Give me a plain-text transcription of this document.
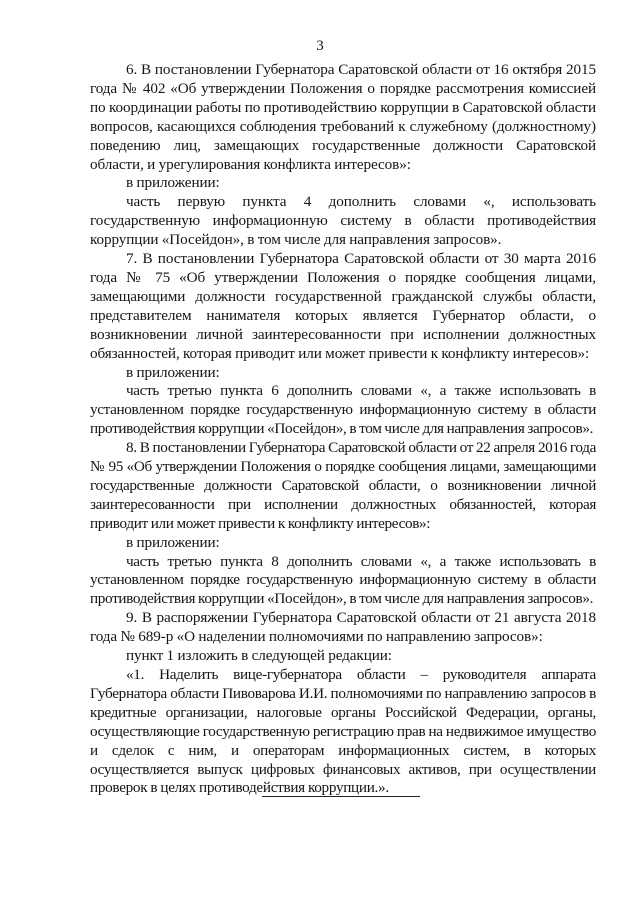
3

6. В постановлении Губернатора Саратовской области от 16 октября 2015 года № 402 «Об утверждении Положения о порядке рассмотрения комиссией по координации работы по противодействию коррупции в Саратовской области вопросов, касающихся соблюдения требований к служебному (должностному) поведению лиц, замещающих государственные должности Саратовской области, и урегулирования конфликта интересов»:

в приложении:

часть первую пункта 4 дополнить словами «, использовать государственную информационную систему в области противодействия коррупции «Посейдон», в том числе для направления запросов».

7. В постановлении Губернатора Саратовской области от 30 марта 2016 года № 75 «Об утверждении Положения о порядке сообщения лицами, замещающими должности государственной гражданской службы области, представителем нанимателя которых является Губернатор области, о возникновении личной заинтересованности при исполнении должностных обязанностей, которая приводит или может привести к конфликту интересов»:

в приложении:

часть третью пункта 6 дополнить словами «, а также использовать в установленном порядке государственную информационную систему в области противодействия коррупции «Посейдон», в том числе для направления запросов».

8. В постановлении Губернатора Саратовской области от 22 апреля 2016 года № 95 «Об утверждении Положения о порядке сообщения лицами, замещающими государственные должности Саратовской области, о возникновении личной заинтересованности при исполнении должностных обязанностей, которая приводит или может привести к конфликту интересов»:

в приложении:

часть третью пункта 8 дополнить словами «, а также использовать в установленном порядке государственную информационную систему в области противодействия коррупции «Посейдон», в том числе для направления запросов».

9. В распоряжении Губернатора Саратовской области от 21 августа 2018 года № 689-р «О наделении полномочиями по направлению запросов»:

пункт 1 изложить в следующей редакции:

«1. Наделить вице-губернатора области – руководителя аппарата Губернатора области Пивоварова И.И. полномочиями по направлению запросов в кредитные организации, налоговые органы Российской Федерации, органы, осуществляющие государственную регистрацию прав на недвижимое имущество и сделок с ним, и операторам информационных систем, в которых осуществляется выпуск цифровых финансовых активов, при осуществлении проверок в целях противодействия коррупции.».
